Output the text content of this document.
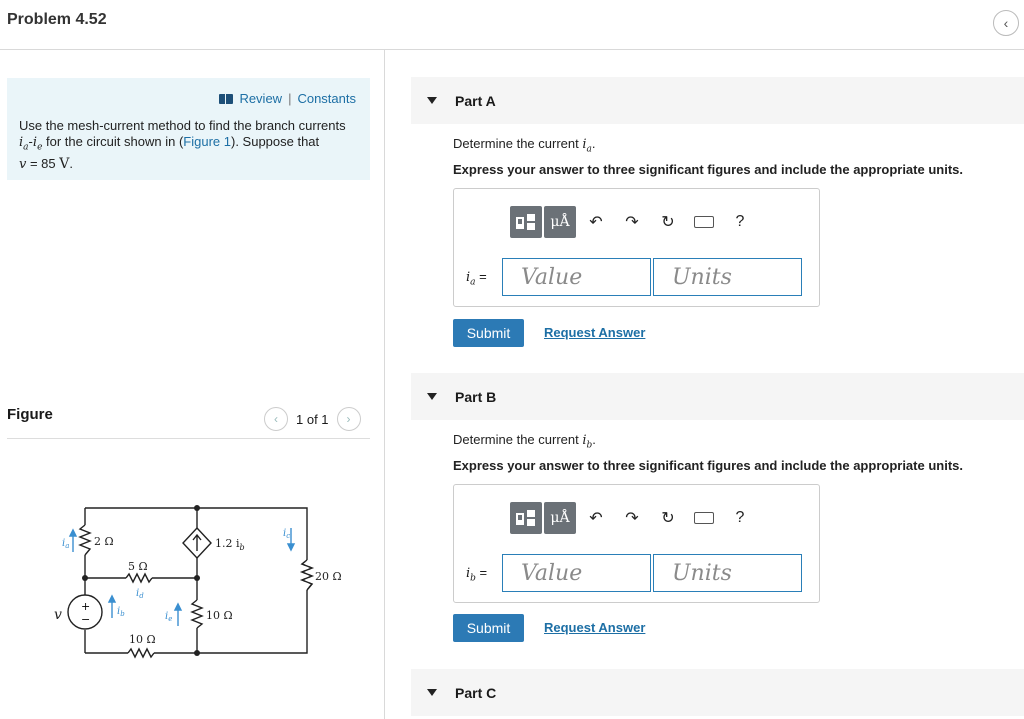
Problem 4.52	‹
Review | Constants
Use the mesh-current method to find the branch currents
$i_a-i_e$ for the circuit shown in (Figure 1). Suppose that
v = 85 V.
Figure	‹ 1 of 1 ›
+
−
v
2 Ω
5 Ω
10 Ω
10 Ω
20 Ω
1.2 $i_b$
$i_a$
$i_b$
$i_c$
$i_d$
$i_e$
Part A
Determine the current $i_a$.
Express your answer to three significant figures and include the appropriate units.
μÅ ↶ ↷ ↻	?
$i_a$ =	Value	Units
Submit	Request Answer
Part B
Determine the current $i_b$.
Express your answer to three significant figures and include the appropriate units.
μÅ ↶ ↷ ↻	?
$i_b$ =	Value	Units
Submit	Request Answer
Part C
